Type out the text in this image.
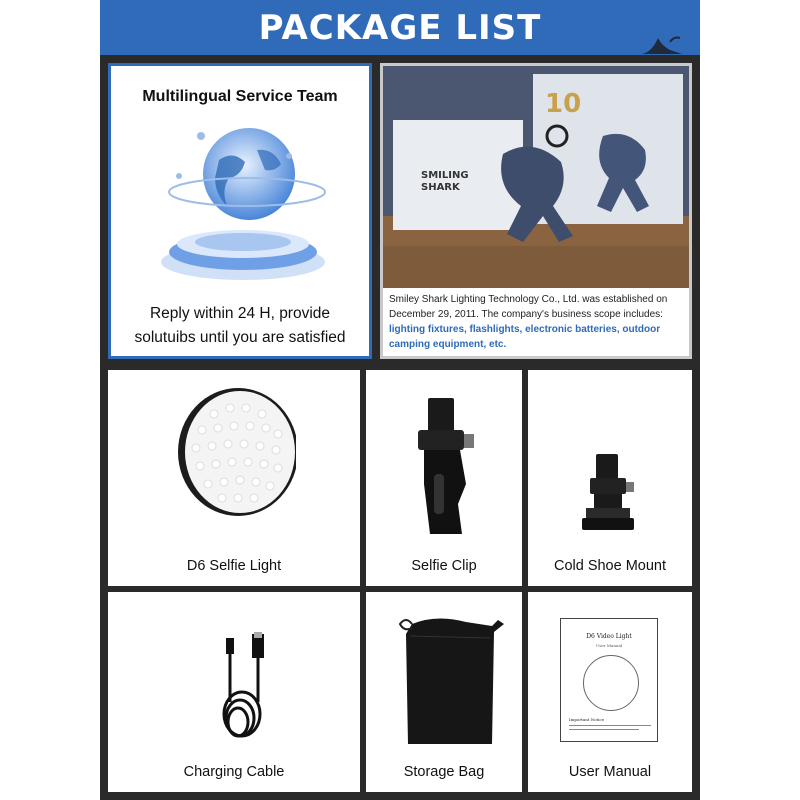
PACKAGE LIST
Multilingual Service Team
Reply within 24 H, provide
solutuibs until you are satisfied
10
SMILING
SHARK
Smiley Shark Lighting Technology Co., Ltd. was established on December 29, 2011. The company's business scope includes: lighting fixtures, flashlights, electronic batteries, outdoor camping equipment, etc.
D6 Selfie Light	Selfie Clip	Cold Shoe Mount
Charging Cable	Storage Bag
D6 Video Light
User Manual
Important Notice
User Manual
